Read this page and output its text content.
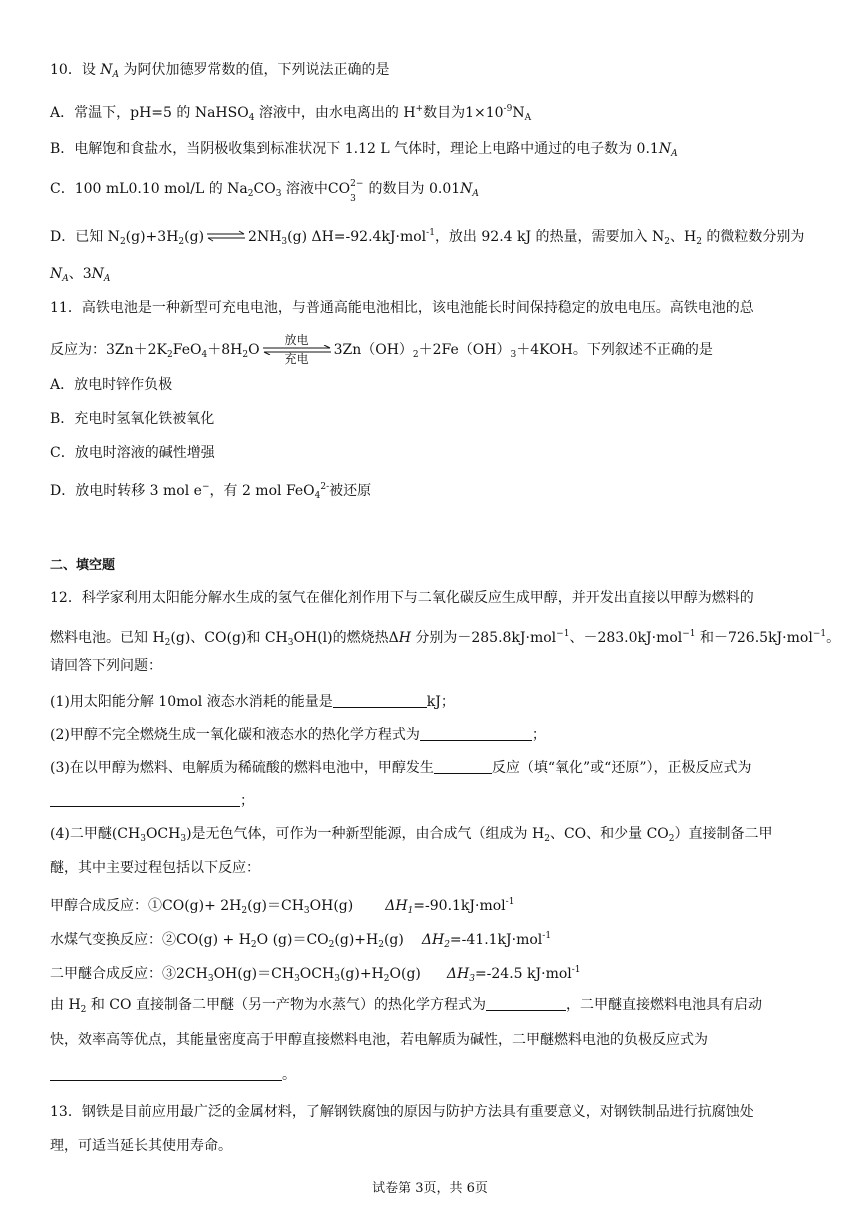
10．设 $N_A$ 为阿伏加德罗常数的值，下列说法正确的是
A．常温下，pH=5 的 NaHSO$_4$ 溶液中，由水电离出的 H+数目为$1\times 10^{-9}N_A$
B．电解饱和食盐水，当阴极收集到标准状况下 1.12 L 气体时，理论上电路中通过的电子数为 $0.1N_A$
C．100 mL0.10 mol/L 的 $Na_2CO_3$ 溶液中CO 2−
3
的数目为 $0.01N_A$
D．已知 $N_2(g)+3H_2(g)$ ⇌ $2NH_3(g)$ ΔH=-92.4kJ·mol$^{-1}$，放出 92.4 kJ 的热量，需要加入 $N_2$、$H_2$ 的微粒数分别为
$N_A$、$3N_A$
11．高铁电池是一种新型可充电电池，与普通高能电池相比，该电池能长时间保持稳定的放电电压。高铁电池的总
反应为：$3Zn+2K_2FeO_4+8H_2O$
放电
充电
$3Zn(OH)_2+2Fe(OH)_3+4KOH$。下列叙述不正确的是
A．放电时锌作负极
B．充电时氢氧化铁被氧化
C．放电时溶液的碱性增强
D．放电时转移 3 mol e−，有 2 mol FeO$_4^{2-}$被还原
二、填空题
12．科学家利用太阳能分解水生成的氢气在催化剂作用下与二氧化碳反应生成甲醇，并开发出直接以甲醇为燃料的
燃料电池。已知 $H_2(g)$、CO(g)和 $CH_3OH(l)$的燃烧热ΔH 分别为－285.8kJ·mol$^{-1}$、－283.0kJ·mol$^{-1}$ 和－726.5kJ·mol$^{-1}$。
请回答下列问题：
(1)用太阳能分解 10mol 液态水消耗的能量是	kJ；
(2)甲醇不完全燃烧生成一氧化碳和液态水的热化学方程式为	；
(3)在以甲醇为燃料、电解质为稀硫酸的燃料电池中，甲醇发生	反应（填“氧化”或“还原”），正极反应式为
；
(4)二甲醚$(CH_3OCH_3)$是无色气体，可作为一种新型能源，由合成气（组成为 $H_2$、CO、和少量 $CO_2$）直接制备二甲
醚，其中主要过程包括以下反应：
甲醇合成反应：①CO(g)+ $2H_2(g)=CH_3OH(g)$ $\Delta H_1=-90.1kJ\cdot mol^{-1}$
水煤气变换反应：②CO(g) + $H_2O$ $(g)=CO_2(g)+H_2(g)$ $\Delta H_2=-41.1kJ\cdot mol^{-1}$
二甲醚合成反应：$③2CH_3OH(g)=CH_3OCH_3(g)+H_2O(g)$ $\Delta H_3=-24.5$ kJ·mol$^{-1}$
由 $H_2$ 和 CO 直接制备二甲醚（另一产物为水蒸气）的热化学方程式为	，二甲醚直接燃料电池具有启动
快，效率高等优点，其能量密度高于甲醇直接燃料电池，若电解质为碱性，二甲醚燃料电池的负极反应式为
。
13．钢铁是目前应用最广泛的金属材料，了解钢铁腐蚀的原因与防护方法具有重要意义，对钢铁制品进行抗腐蚀处
理，可适当延长其使用寿命。
试卷第 3页，共 6页
